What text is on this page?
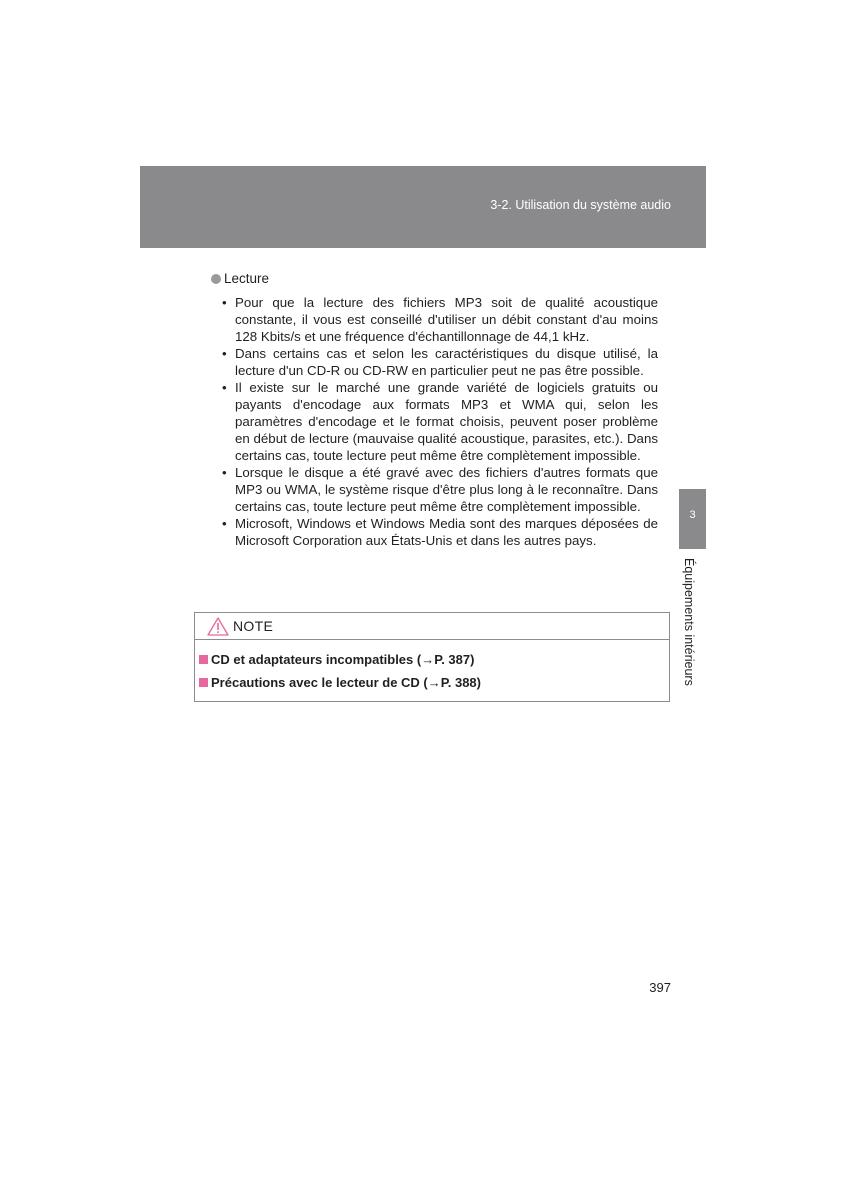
3-2. Utilisation du système audio
Lecture
• Pour que la lecture des fichiers MP3 soit de qualité acoustique constante, il vous est conseillé d'utiliser un débit constant d'au moins 128 Kbits/s et une fréquence d'échantillonnage de 44,1 kHz.
• Dans certains cas et selon les caractéristiques du disque utilisé, la lecture d'un CD-R ou CD-RW en particulier peut ne pas être possible.
• Il existe sur le marché une grande variété de logiciels gratuits ou payants d'encodage aux formats MP3 et WMA qui, selon les paramètres d'encodage et le format choisis, peuvent poser problème en début de lecture (mauvaise qualité acoustique, parasites, etc.). Dans certains cas, toute lecture peut même être complètement impossible.
• Lorsque le disque a été gravé avec des fichiers d'autres formats que MP3 ou WMA, le système risque d'être plus long à le reconnaître. Dans certains cas, toute lecture peut même être complètement impossible.
• Microsoft, Windows et Windows Media sont des marques déposées de Microsoft Corporation aux États-Unis et dans les autres pays.
NOTE
CD et adaptateurs incompatibles (→P. 387)
Précautions avec le lecteur de CD (→P. 388)
3
Équipements intérieurs
397
